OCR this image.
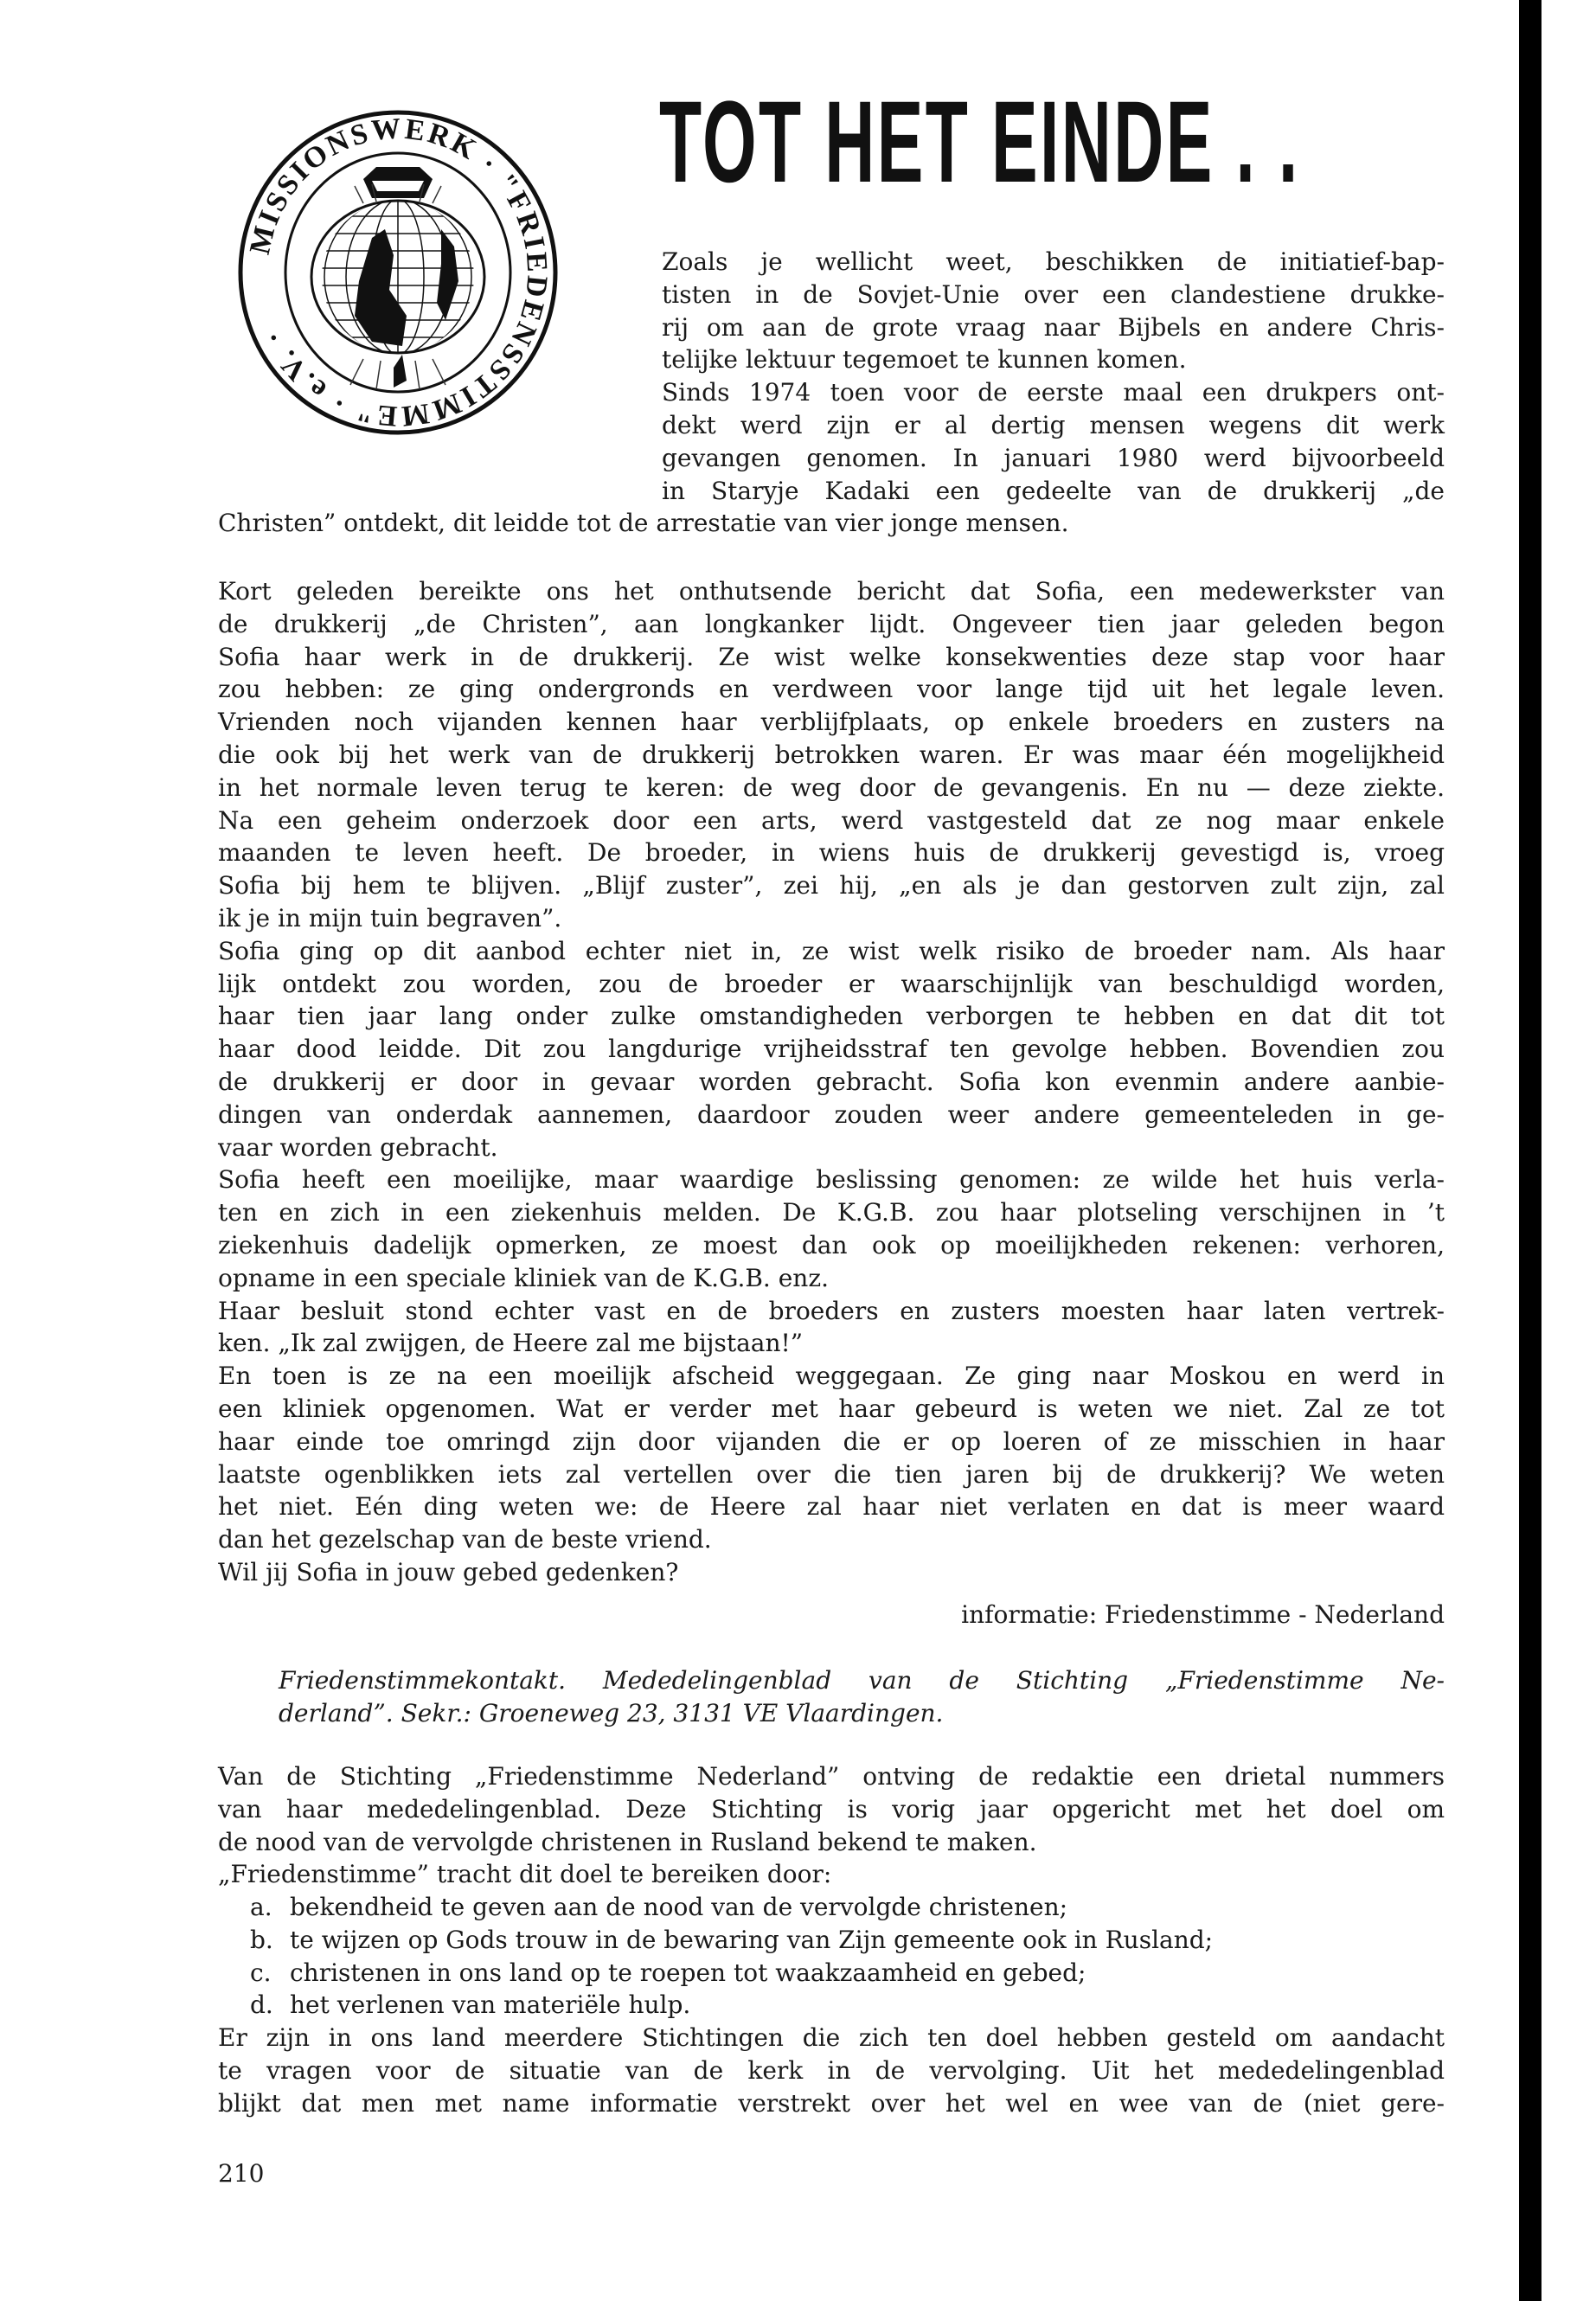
MISSIONSWERK · "FRIEDENSSTIMME" · e.V. ·
TOT HET EINDE . .
Zoals je wellicht weet, beschikken de initiatief-bap-
tisten in de Sovjet-Unie over een clandestiene drukke-
rij om aan de grote vraag naar Bijbels en andere Chris-
telijke lektuur tegemoet te kunnen komen.
Sinds 1974 toen voor de eerste maal een drukpers ont-
dekt werd zijn er al dertig mensen wegens dit werk
gevangen genomen. In januari 1980 werd bijvoorbeeld
in Staryje Kadaki een gedeelte van de drukkerij „de
Christen” ontdekt, dit leidde tot de arrestatie van vier jonge mensen.
Kort geleden bereikte ons het onthutsende bericht dat Sofia, een medewerkster van
de drukkerij „de Christen”, aan longkanker lijdt. Ongeveer tien jaar geleden begon
Sofia haar werk in de drukkerij. Ze wist welke konsekwenties deze stap voor haar
zou hebben: ze ging ondergronds en verdween voor lange tijd uit het legale leven.
Vrienden noch vijanden kennen haar verblijfplaats, op enkele broeders en zusters na
die ook bij het werk van de drukkerij betrokken waren. Er was maar één mogelijkheid
in het normale leven terug te keren: de weg door de gevangenis. En nu — deze ziekte.
Na een geheim onderzoek door een arts, werd vastgesteld dat ze nog maar enkele
maanden te leven heeft. De broeder, in wiens huis de drukkerij gevestigd is, vroeg
Sofia bij hem te blijven. „Blijf zuster”, zei hij, „en als je dan gestorven zult zijn, zal
ik je in mijn tuin begraven”.
Sofia ging op dit aanbod echter niet in, ze wist welk risiko de broeder nam. Als haar
lijk ontdekt zou worden, zou de broeder er waarschijnlijk van beschuldigd worden,
haar tien jaar lang onder zulke omstandigheden verborgen te hebben en dat dit tot
haar dood leidde. Dit zou langdurige vrijheidsstraf ten gevolge hebben. Bovendien zou
de drukkerij er door in gevaar worden gebracht. Sofia kon evenmin andere aanbie-
dingen van onderdak aannemen, daardoor zouden weer andere gemeenteleden in ge-
vaar worden gebracht.
Sofia heeft een moeilijke, maar waardige beslissing genomen: ze wilde het huis verla-
ten en zich in een ziekenhuis melden. De K.G.B. zou haar plotseling verschijnen in ’t
ziekenhuis dadelijk opmerken, ze moest dan ook op moeilijkheden rekenen: verhoren,
opname in een speciale kliniek van de K.G.B. enz.
Haar besluit stond echter vast en de broeders en zusters moesten haar laten vertrek-
ken. „Ik zal zwijgen, de Heere zal me bijstaan!”
En toen is ze na een moeilijk afscheid weggegaan. Ze ging naar Moskou en werd in
een kliniek opgenomen. Wat er verder met haar gebeurd is weten we niet. Zal ze tot
haar einde toe omringd zijn door vijanden die er op loeren of ze misschien in haar
laatste ogenblikken iets zal vertellen over die tien jaren bij de drukkerij? We weten
het niet. Eén ding weten we: de Heere zal haar niet verlaten en dat is meer waard
dan het gezelschap van de beste vriend.
Wil jij Sofia in jouw gebed gedenken?
informatie: Friedenstimme - Nederland
Friedenstimmekontakt. Mededelingenblad van de Stichting „Friedenstimme Ne-
derland”. Sekr.: Groeneweg 23, 3131 VE Vlaardingen.
Van de Stichting „Friedenstimme Nederland” ontving de redaktie een drietal nummers
van haar mededelingenblad. Deze Stichting is vorig jaar opgericht met het doel om
de nood van de vervolgde christenen in Rusland bekend te maken.
„Friedenstimme” tracht dit doel te bereiken door:
a. bekendheid te geven aan de nood van de vervolgde christenen;
b. te wijzen op Gods trouw in de bewaring van Zijn gemeente ook in Rusland;
c. christenen in ons land op te roepen tot waakzaamheid en gebed;
d. het verlenen van materiële hulp.
Er zijn in ons land meerdere Stichtingen die zich ten doel hebben gesteld om aandacht
te vragen voor de situatie van de kerk in de vervolging. Uit het mededelingenblad
blijkt dat men met name informatie verstrekt over het wel en wee van de (niet gere-
210
